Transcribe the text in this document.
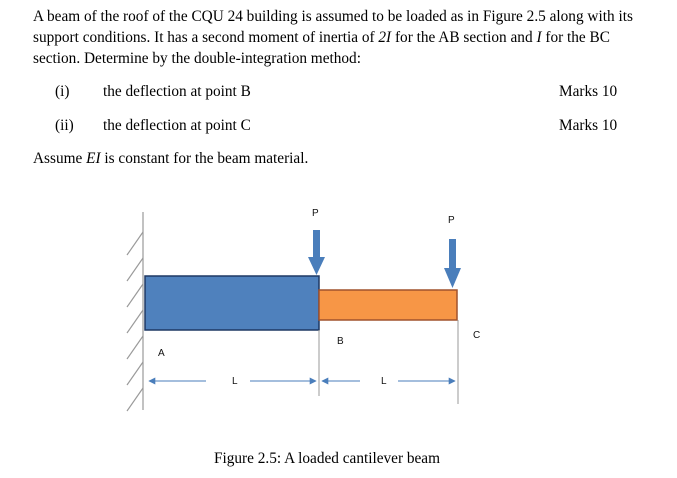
A beam of the roof of the CQU 24 building is assumed to be loaded as in Figure 2.5 along with its support conditions. It has a second moment of inertia of 2I for the AB section and I for the BC section. Determine by the double-integration method:

(i) the deflection at point B	Marks 10
(ii) the deflection at point C	Marks 10
Assume EI is constant for the beam material.
P
P
A
B
C
L	L
Figure 2.5: A loaded cantilever beam
